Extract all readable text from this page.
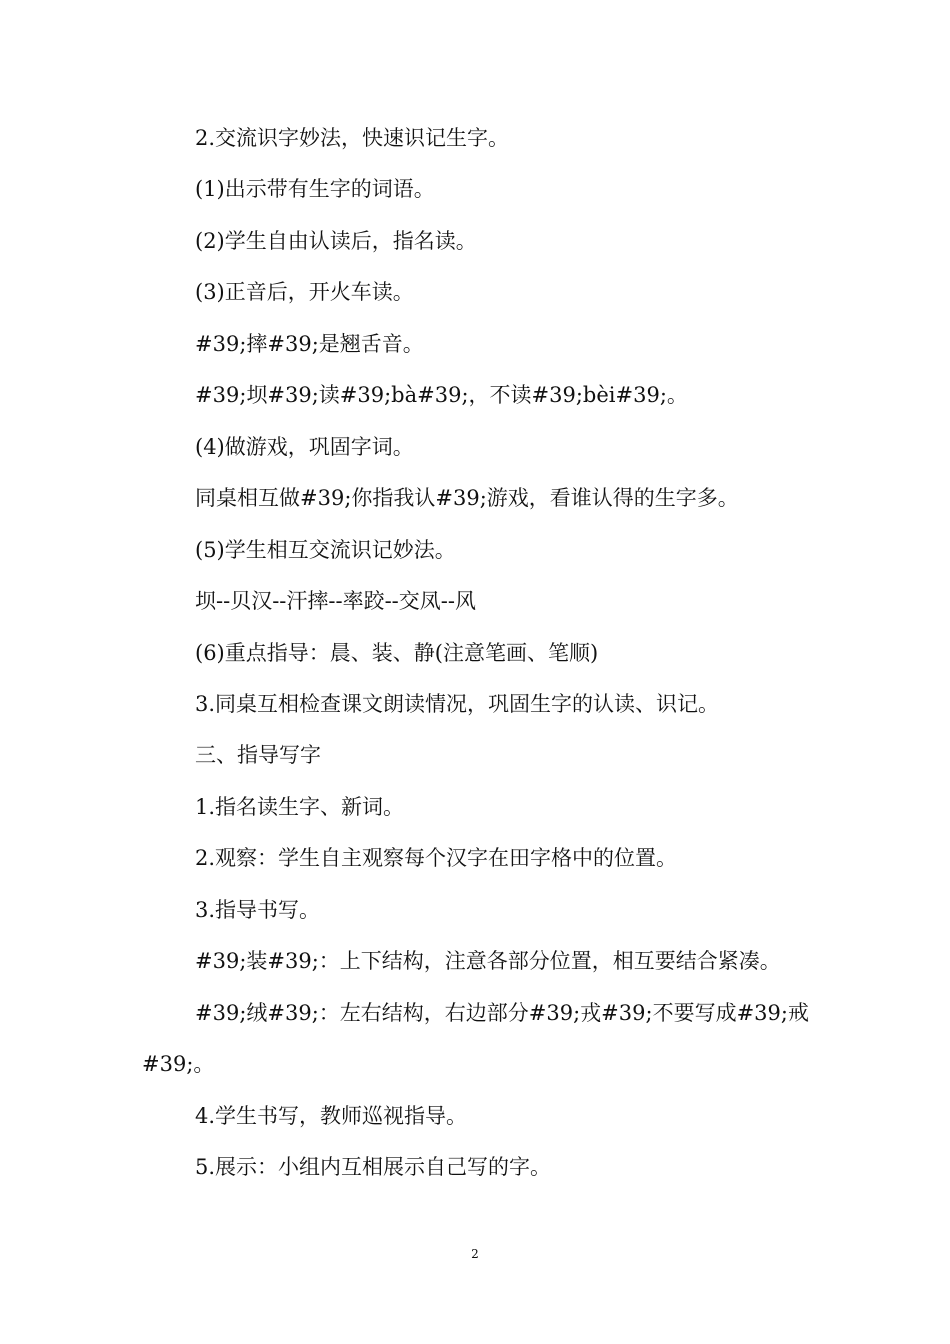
2.交流识字妙法，快速识记生字。
(1)出示带有生字的词语。
(2)学生自由认读后，指名读。
(3)正音后，开火车读。
#39;摔#39;是翘舌音。
#39;坝#39;读#39;bà#39;，不读#39;bèi#39;。
(4)做游戏，巩固字词。
同桌相互做#39;你指我认#39;游戏，看谁认得的生字多。
(5)学生相互交流识记妙法。
坝--贝汉--汗摔--率跤--交凤--风
(6)重点指导：晨、装、静(注意笔画、笔顺)
3.同桌互相检查课文朗读情况，巩固生字的认读、识记。
三、指导写字
1.指名读生字、新词。
2.观察：学生自主观察每个汉字在田字格中的位置。
3.指导书写。
#39;装#39;：上下结构，注意各部分位置，相互要结合紧凑。
#39;绒#39;：左右结构，右边部分#39;戎#39;不要写成#39;戒
#39;。
4.学生书写，教师巡视指导。
5.展示：小组内互相展示自己写的字。
2
